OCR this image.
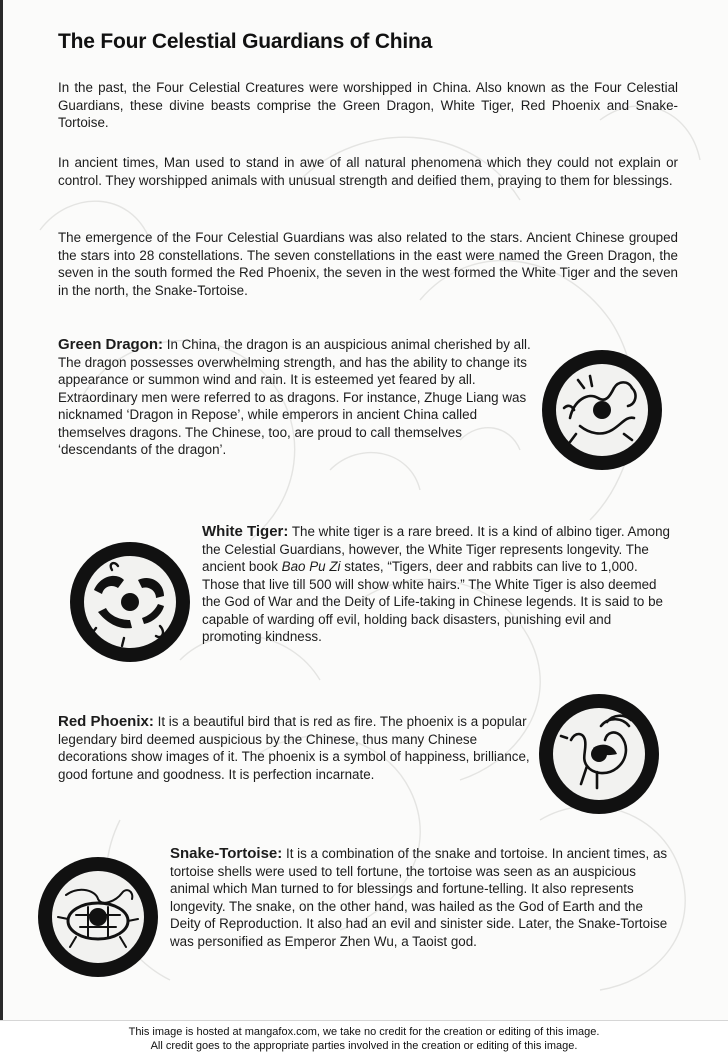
The Four Celestial Guardians of China

In the past, the Four Celestial Creatures were worshipped in China. Also known as the Four Celestial Guardians, these divine beasts comprise the Green Dragon, White Tiger, Red Phoenix and Snake-Tortoise.

In ancient times, Man used to stand in awe of all natural phenomena which they could not explain or control. They worshipped animals with unusual strength and deified them, praying to them for blessings.

The emergence of the Four Celestial Guardians was also related to the stars. Ancient Chinese grouped the stars into 28 constellations. The seven constellations in the east were named the Green Dragon, the seven in the south formed the Red Phoenix, the seven in the west formed the White Tiger and the seven in the north, the Snake-Tortoise.

Green Dragon: In China, the dragon is an auspicious animal cherished by all. The dragon possesses overwhelming strength, and has the ability to change its appearance or summon wind and rain. It is esteemed yet feared by all. Extraordinary men were referred to as dragons. For instance, Zhuge Liang was nicknamed ‘Dragon in Repose’, while emperors in ancient China called themselves dragons. The Chinese, too, are proud to call themselves ‘descendants of the dragon’.

White Tiger: The white tiger is a rare breed. It is a kind of albino tiger. Among the Celestial Guardians, however, the White Tiger represents longevity. The ancient book Bao Pu Zi states, “Tigers, deer and rabbits can live to 1,000. Those that live till 500 will show white hairs.” The White Tiger is also deemed the God of War and the Deity of Life-taking in Chinese legends. It is said to be capable of warding off evil, holding back disasters, punishing evil and promoting kindness.

Red Phoenix: It is a beautiful bird that is red as fire. The phoenix is a popular legendary bird deemed auspicious by the Chinese, thus many Chinese decorations show images of it. The phoenix is a symbol of happiness, brilliance, good fortune and goodness. It is perfection incarnate.

Snake-Tortoise: It is a combination of the snake and tortoise. In ancient times, as tortoise shells were used to tell fortune, the tortoise was seen as an auspicious animal which Man turned to for blessings and fortune-telling. It also represents longevity. The snake, on the other hand, was hailed as the God of Earth and the Deity of Reproduction. It also had an evil and sinister side. Later, the Snake-Tortoise was personified as Emperor Zhen Wu, a Taoist god.

This image is hosted at mangafox.com, we take no credit for the creation or editing of this image.
All credit goes to the appropriate parties involved in the creation or editing of this image.
